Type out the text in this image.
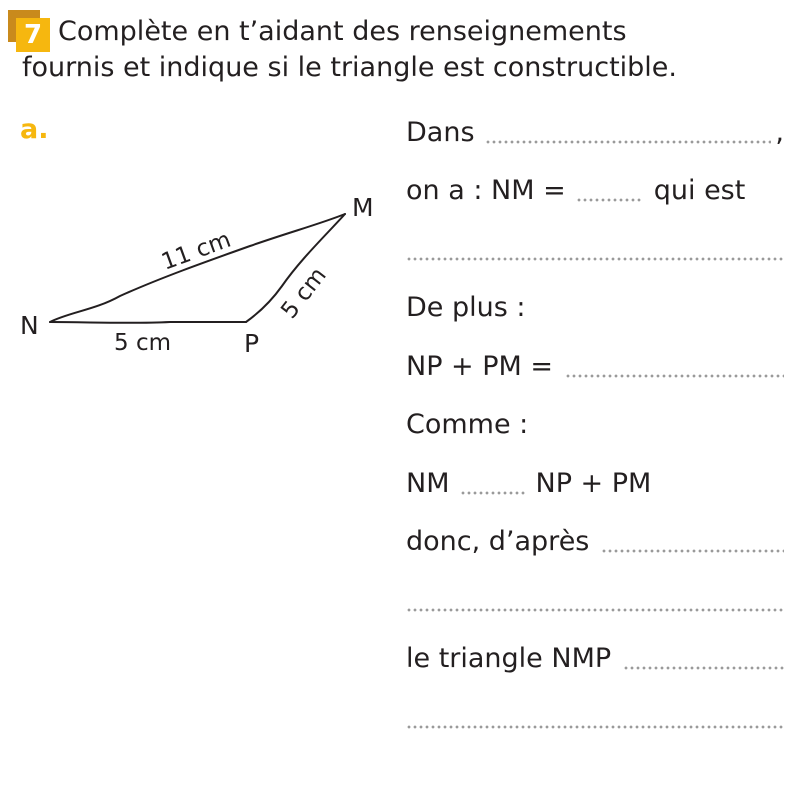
7 Complète en t’aidant des renseignements
fournis et indique si le triangle est constructible.

a.
N
M
P
11 cm
5 cm
5 cm
Dans	,
on a : NM =	qui est
De plus :
NP + PM =
Comme :
NM	NP + PM
donc, d’après
le triangle NMP
